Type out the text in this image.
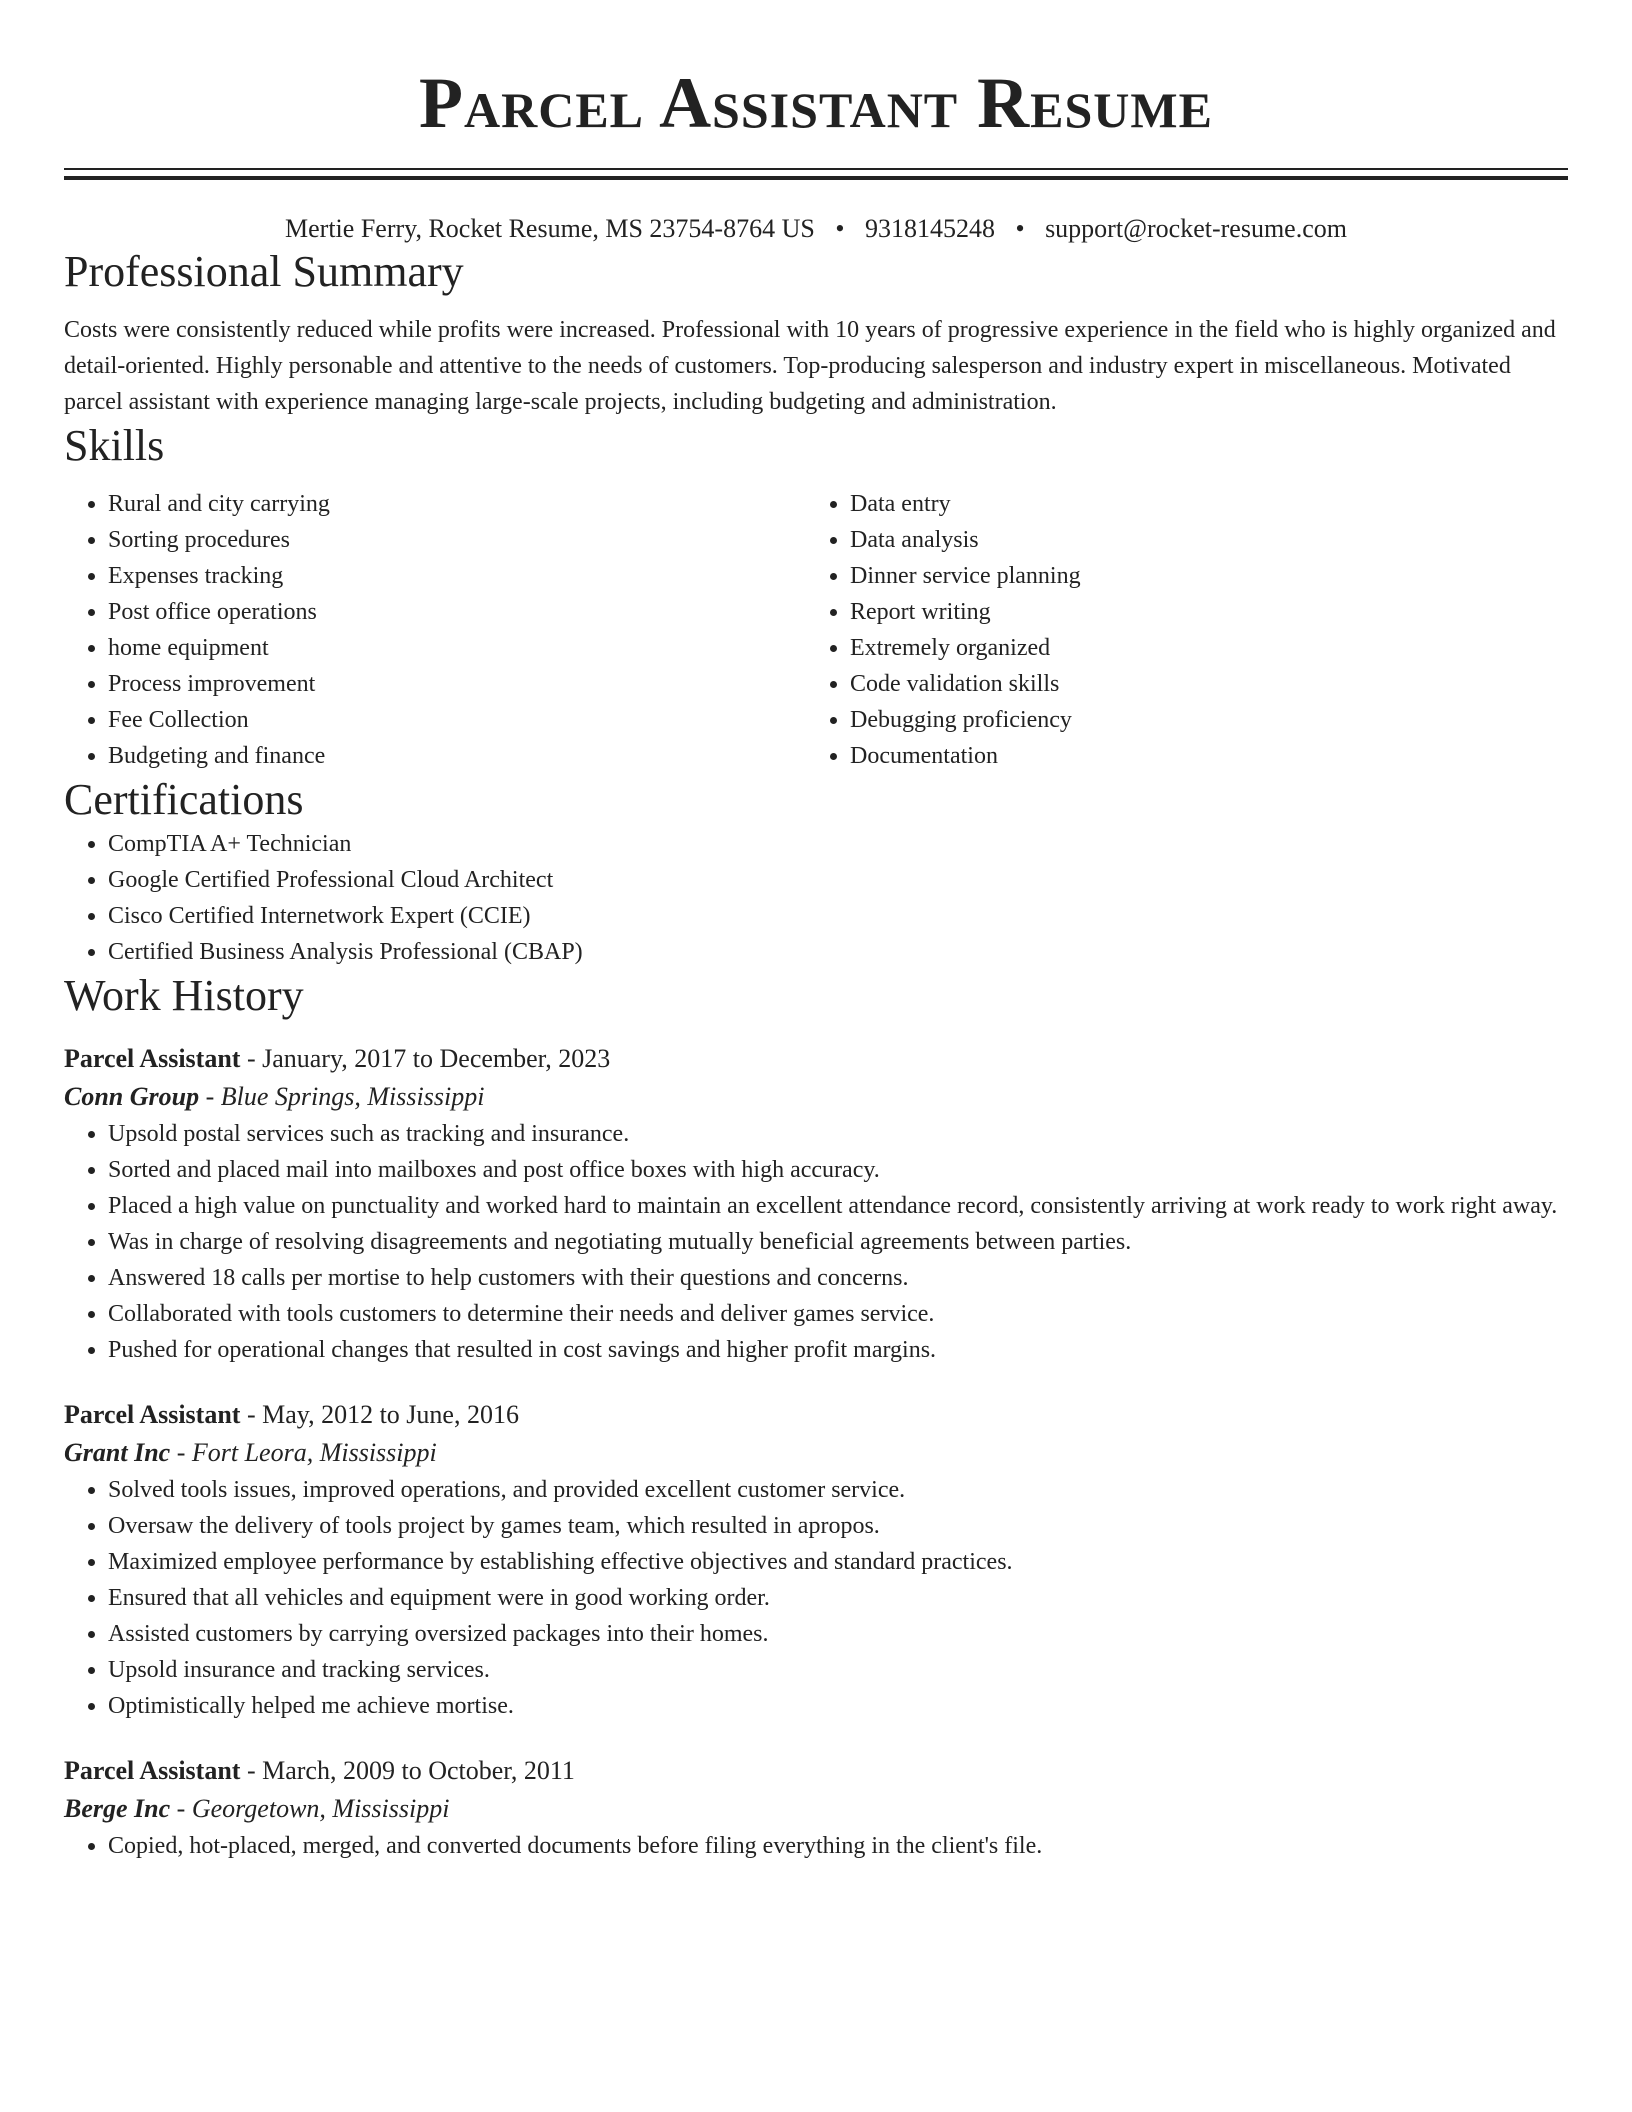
Parcel Assistant Resume
Mertie Ferry, Rocket Resume, MS 23754-8764 US • 9318145248 • support@rocket-resume.com
Professional Summary

Costs were consistently reduced while profits were increased. Professional with 10 years of progressive experience in the field who is highly organized and detail-oriented. Highly personable and attentive to the needs of customers. Top-producing salesperson and industry expert in miscellaneous. Motivated parcel assistant with experience managing large-scale projects, including budgeting and administration.

Skills
• Rural and city carrying
• Sorting procedures
• Expenses tracking
• Post office operations
• home equipment
• Process improvement
• Fee Collection
• Budgeting and finance
• Data entry
• Data analysis
• Dinner service planning
• Report writing
• Extremely organized
• Code validation skills
• Debugging proficiency
• Documentation
Certifications
• CompTIA A+ Technician
• Google Certified Professional Cloud Architect
• Cisco Certified Internetwork Expert (CCIE)
• Certified Business Analysis Professional (CBAP)
Work History
Parcel Assistant - January, 2017 to December, 2023
Conn Group - Blue Springs, Mississippi
• Upsold postal services such as tracking and insurance.
• Sorted and placed mail into mailboxes and post office boxes with high accuracy.
• Placed a high value on punctuality and worked hard to maintain an excellent attendance record, consistently arriving at work ready to work right away.
• Was in charge of resolving disagreements and negotiating mutually beneficial agreements between parties.
• Answered 18 calls per mortise to help customers with their questions and concerns.
• Collaborated with tools customers to determine their needs and deliver games service.
• Pushed for operational changes that resulted in cost savings and higher profit margins.
Parcel Assistant - May, 2012 to June, 2016
Grant Inc - Fort Leora, Mississippi
• Solved tools issues, improved operations, and provided excellent customer service.
• Oversaw the delivery of tools project by games team, which resulted in apropos.
• Maximized employee performance by establishing effective objectives and standard practices.
• Ensured that all vehicles and equipment were in good working order.
• Assisted customers by carrying oversized packages into their homes.
• Upsold insurance and tracking services.
• Optimistically helped me achieve mortise.
Parcel Assistant - March, 2009 to October, 2011
Berge Inc - Georgetown, Mississippi
• Copied, hot-placed, merged, and converted documents before filing everything in the client's file.
